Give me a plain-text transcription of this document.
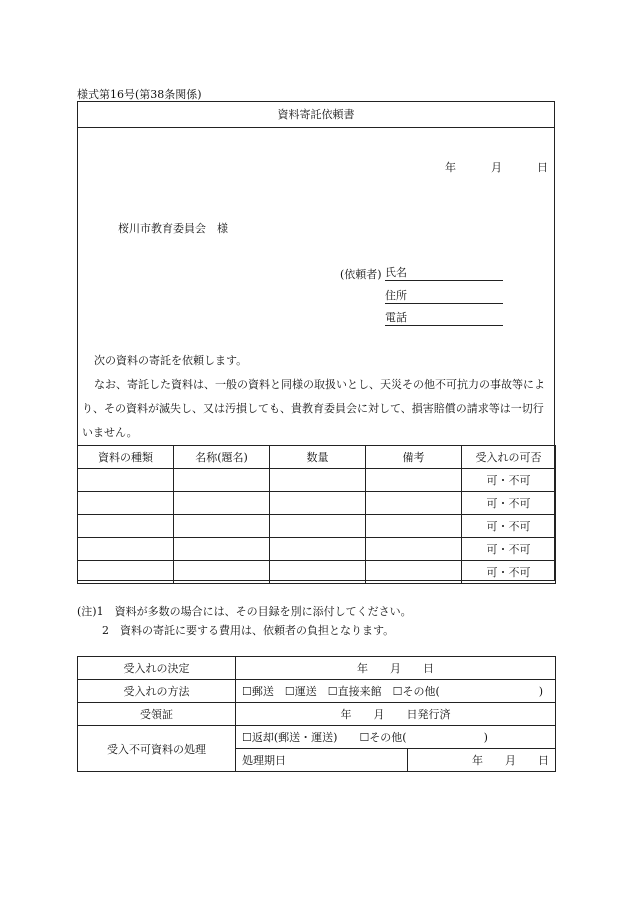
様式第16号(第38条関係)
資料寄託依頼書
年	月	日
桜川市教育委員会　様
(依頼者) 氏名
住所
電話
次の資料の寄託を依頼します。
なお、寄託した資料は、一般の資料と同様の取扱いとし、天災その他不可抗力の事故等により、その資料が滅失し、又は汚損しても、貴教育委員会に対して、損害賠償の請求等は一切行いません。
資料の種類	名称(題名)	数量	備考	受入れの可否
				可・不可
				可・不可
				可・不可
				可・不可
				可・不可
(注)1　資料が多数の場合には、その目録を別に添付してください。
2　資料の寄託に要する費用は、依頼者の負担となります。
受入れの決定	年　　月　　日	
受入れの方法	☐郵送　☐運送　☐直接来館　☐その他(　　　　　　　　　)	
受領証	年　　月　　日発行済	
受入不可資料の処理	☐返却(郵送・運送)　　☐その他(　　　　　　　)	
	処理期日	年　　月　　日
